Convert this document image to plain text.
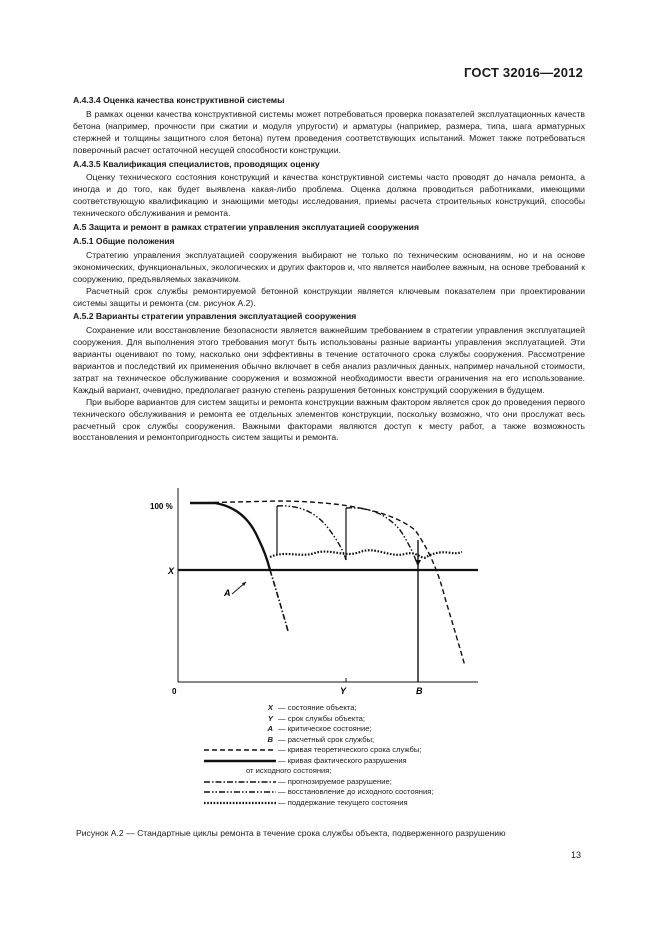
ГОСТ 32016—2012

А.4.3.4 Оценка качества конструктивной системы

В рамках оценки качества конструктивной системы может потребоваться проверка показателей эксплуатационных качеств бетона (например, прочности при сжатии и модуля упругости) и арматуры (например, размера, типа, шага арматурных стержней и толщины защитного слоя бетона) путем проведения соответствующих испытаний. Может также потребоваться поверочный расчет остаточной несущей способности конструкции.

А.4.3.5 Квалификация специалистов, проводящих оценку

Оценку технического состояния конструкций и качества конструктивной системы часто проводят до начала ремонта, а иногда и до того, как будет выявлена какая-либо проблема. Оценка должна проводиться работниками, имеющими соответствующую квалификацию и знающими методы исследования, приемы расчета строительных конструкций, способы технического обслуживания и ремонта.

А.5 Защита и ремонт в рамках стратегии управления эксплуатацией сооружения

А.5.1 Общие положения

Стратегию управления эксплуатацией сооружения выбирают не только по техническим основаниям, но и на основе экономических, функциональных, экологических и других факторов и, что является наиболее важным, на основе требований к сооружению, предъявляемых заказчиком.

Расчетный срок службы ремонтируемой бетонной конструкции является ключевым показателем при проектировании системы защиты и ремонта (см. рисунок А.2).

А.5.2 Варианты стратегии управления эксплуатацией сооружения

Сохранение или восстановление безопасности является важнейшим требованием в стратегии управления эксплуатацией сооружения. Для выполнения этого требования могут быть использованы разные варианты управления эксплуатацией. Эти варианты оценивают по тому, насколько они эффективны в течение остаточного срока службы сооружения. Рассмотрение вариантов и последствий их применения обычно включает в себя анализ различных данных, например начальной стоимости, затрат на техническое обслуживание сооружения и возможной необходимости ввести ограничения на его использование. Каждый вариант, очевидно, предполагает разную степень разрушения бетонных конструкций сооружения в будущем.

При выборе вариантов для систем защиты и ремонта конструкции важным фактором является срок до проведения первого технического обслуживания и ремонта ее отдельных элементов конструкции, поскольку возможно, что они прослужат весь расчетный срок службы сооружения. Важными факторами являются доступ к месту работ, а также возможность восстановления и ремонтопригодность систем защиты и ремонта.

100 %
X
A
0	Y	B
X — состояние объекта;
Y — срок службы объекта;
A — критическое состояние;
B — расчетный срок службы;
— кривая теоретического срока службы;
— кривая фактического разрушения
от исходного состояния;
— прогнозируемое разрушение;
— восстановление до исходного состояния;
— поддержание текущего состояния
Рисунок А.2 — Стандартные циклы ремонта в течение срока службы объекта, подверженного разрушению
13
